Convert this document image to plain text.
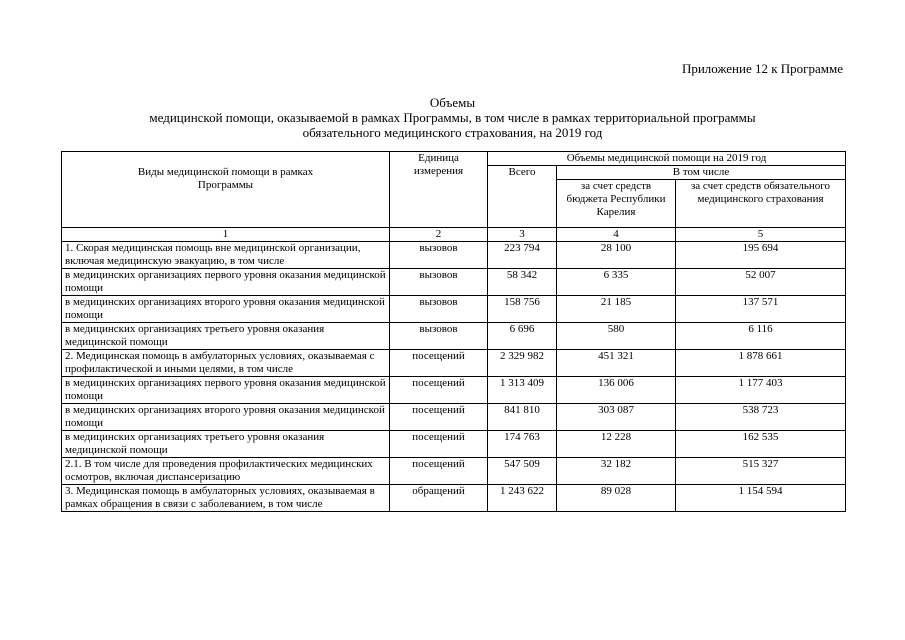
Приложение 12 к Программе
Объемы
медицинской помощи, оказываемой в рамках Программы, в том числе в рамках территориальной программы
обязательного медицинского страхования, на 2019 год
Виды медицинской помощи в рамках Программы	Единица измерения	Объемы медицинской помощи на 2019 год		
		Всего	В том числе	
			за счет средств бюджета Республики Карелия	за счет средств обязательного медицинского страхования
1	2	3	4	5
1. Скорая медицинская помощь вне медицинской организации, включая медицинскую эвакуацию, в том числе	вызовов	223 794	28 100	195 694
в медицинских организациях первого уровня оказания медицинской помощи	вызовов	58 342	6 335	52 007
в медицинских организациях второго уровня оказания медицинской помощи	вызовов	158 756	21 185	137 571
в медицинских организациях третьего уровня оказания медицинской помощи	вызовов	6 696	580	6 116
2. Медицинская помощь в амбулаторных условиях, оказываемая с профилактической и иными целями, в том числе	посещений	2 329 982	451 321	1 878 661
в медицинских организациях первого уровня оказания медицинской помощи	посещений	1 313 409	136 006	1 177 403
в медицинских организациях второго уровня оказания медицинской помощи	посещений	841 810	303 087	538 723
в медицинских организациях третьего уровня оказания медицинской помощи	посещений	174 763	12 228	162 535
2.1. В том числе для проведения профилактических медицинских осмотров, включая диспансеризацию	посещений	547 509	32 182	515 327
3. Медицинская помощь в амбулаторных условиях, оказываемая в рамках обращения в связи с заболеванием, в том числе	обращений	1 243 622	89 028	1 154 594
